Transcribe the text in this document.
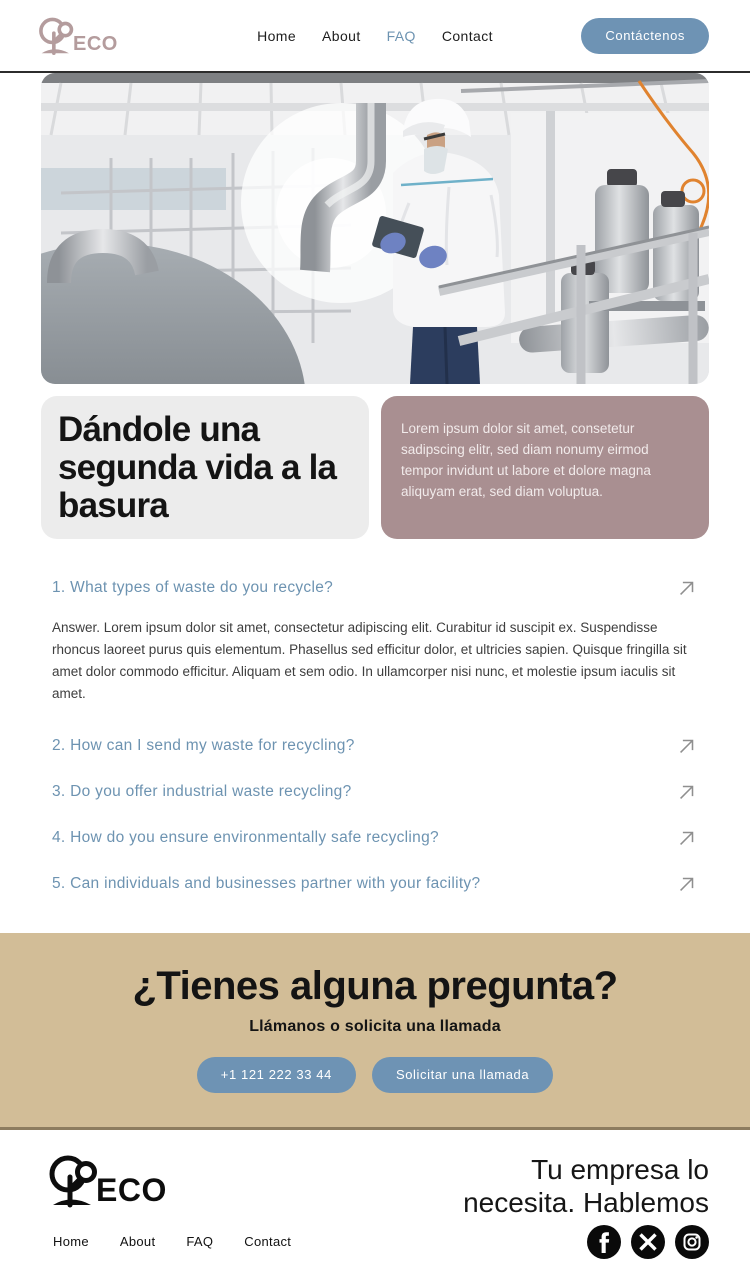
ECO	Home About FAQ Contact	Contáctenos
Dándole una segunda vida a la basura

Lorem ipsum dolor sit amet, consetetur sadipscing elitr, sed diam nonumy eirmod tempor invidunt ut labore et dolore magna aliquyam erat, sed diam voluptua.

1. What types of waste do you recycle?

Answer. Lorem ipsum dolor sit amet, consectetur adipiscing elit. Curabitur id suscipit ex. Suspendisse rhoncus laoreet purus quis elementum. Phasellus sed efficitur dolor, et ultricies sapien. Quisque fringilla sit amet dolor commodo efficitur. Aliquam et sem odio. In ullamcorper nisi nunc, et molestie ipsum iaculis sit amet.

2. How can I send my waste for recycling?
3. Do you offer industrial waste recycling?
4. How do you ensure environmentally safe recycling?
5. Can individuals and businesses partner with your facility?
¿Tienes alguna pregunta?
Llámanos o solicita una llamada
+1 121 222 33 44	Solicitar una llamada
ECO
Tu empresa lo necesita. Hablemos
Home About FAQ Contact
